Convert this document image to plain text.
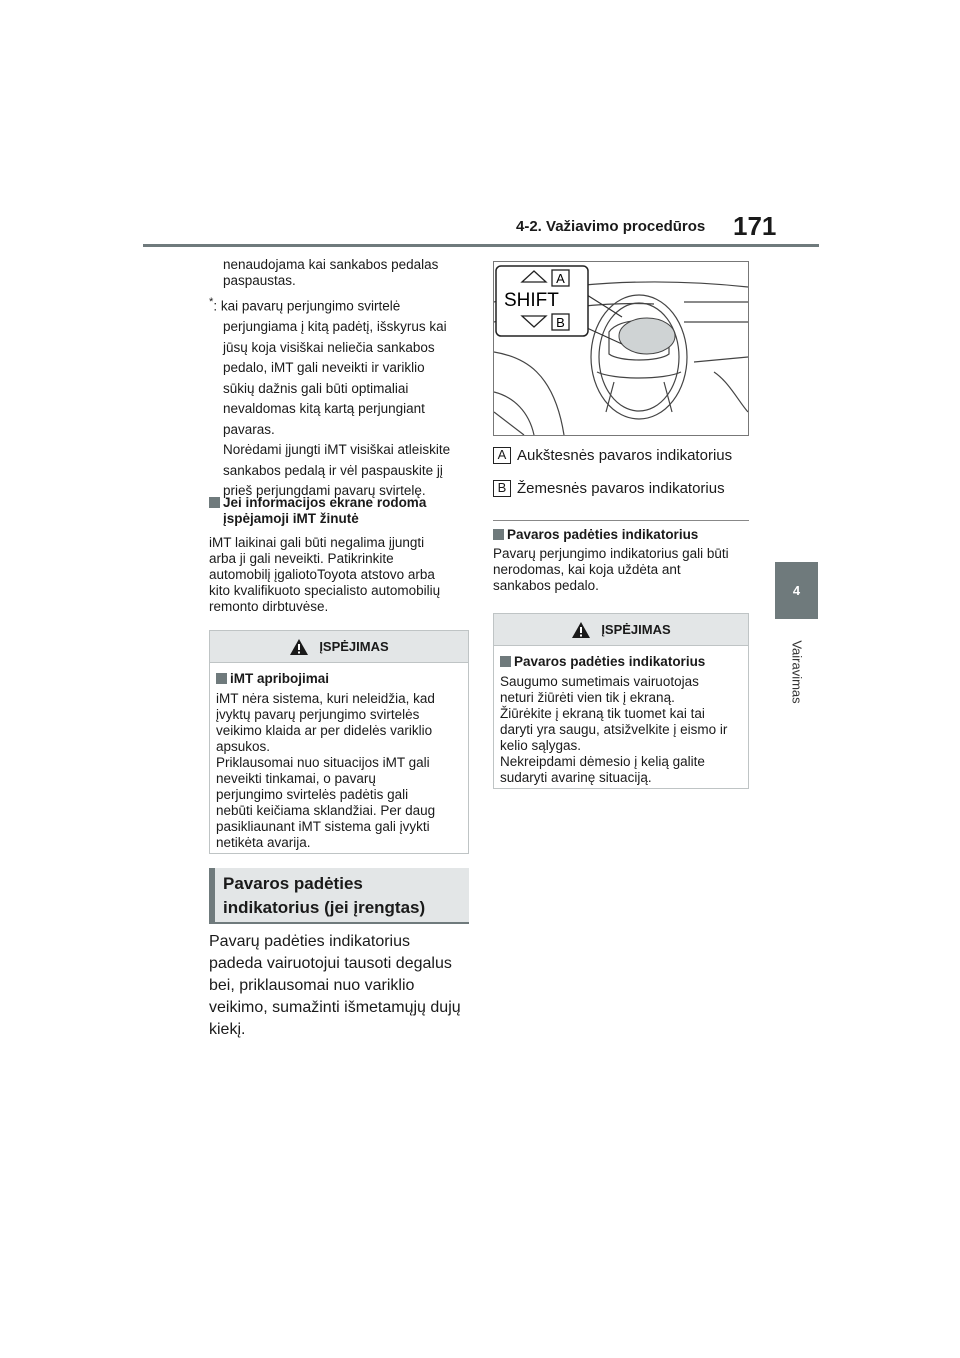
4-2. Važiavimo procedūros 171
4
Vairavimas
nenaudojama kai sankabos pedalas
paspaustas.
*: kai pavarų perjungimo svirtelė
perjungiama į kitą padėtį, išskyrus kai
jūsų koja visiškai neliečia sankabos
pedalo, iMT gali neveikti ir variklio
sūkių dažnis gali būti optimaliai
nevaldomas kitą kartą perjungiant
pavaras.
Norėdami įjungti iMT visiškai atleiskite
sankabos pedalą ir vėl paspauskite jį
prieš perjungdami pavarų svirtelę.
Jei informacijos ekrane rodoma
įspėjamoji iMT žinutė
iMT laikinai gali būti negalima įjungti
arba ji gali neveikti. Patikrinkite
automobilį įgaliotoToyota atstovo arba
kito kvalifikuoto specialisto automobilių
remonto dirbtuvėse.
ĮSPĖJIMAS
iMT apribojimai
iMT nėra sistema, kuri neleidžia, kad
įvyktų pavarų perjungimo svirtelės
veikimo klaida ar per didelės variklio
apsukos.
Priklausomai nuo situacijos iMT gali
neveikti tinkamai, o pavarų
perjungimo svirtelės padėtis gali
nebūti keičiama sklandžiai. Per daug
pasikliaunant iMT sistema gali įvykti
netikėta avarija.
Pavaros padėties
indikatorius (jei įrengtas)
Pavarų padėties indikatorius
padeda vairuotojui tausoti degalus
bei, priklausomai nuo variklio
veikimo, sumažinti išmetamųjų dujų
kiekį.
A
B
SHIFT
A Aukštesnės pavaros indikatorius
B Žemesnės pavaros indikatorius
Pavaros padėties indikatorius
Pavarų perjungimo indikatorius gali būti
nerodomas, kai koja uždėta ant
sankabos pedalo.
ĮSPĖJIMAS
Pavaros padėties indikatorius
Saugumo sumetimais vairuotojas
neturi žiūrėti vien tik į ekraną.
Žiūrėkite į ekraną tik tuomet kai tai
daryti yra saugu, atsižvelkite į eismo ir
kelio sąlygas.
Nekreipdami dėmesio į kelią galite
sudaryti avarinę situaciją.
